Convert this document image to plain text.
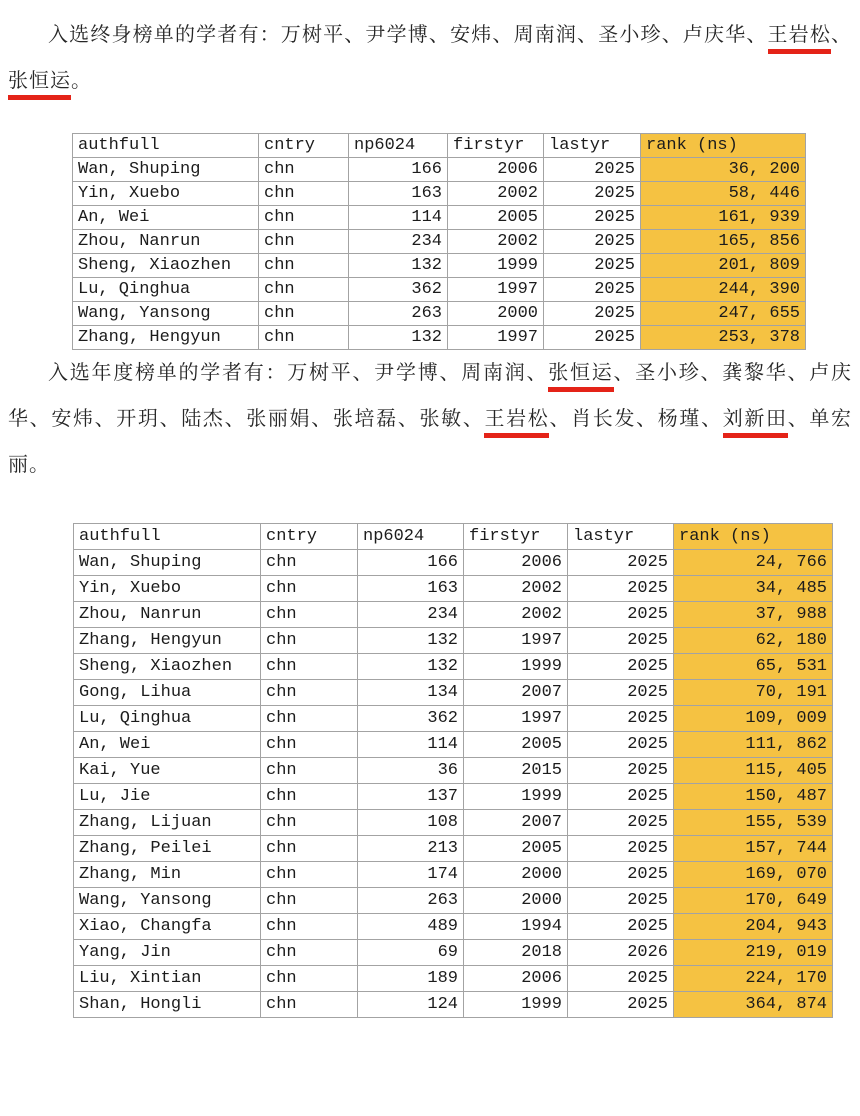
入选终身榜单的学者有：万树平、尹学博、安炜、周南润、圣小珍、卢庆华、王岩松、张恒运。

authfull	cntry	np6024	firstyr	lastyr	rank (ns)
Wan, Shuping	chn	166	2006	2025	36, 200
Yin, Xuebo	chn	163	2002	2025	58, 446
An, Wei	chn	114	2005	2025	161, 939
Zhou, Nanrun	chn	234	2002	2025	165, 856
Sheng, Xiaozhen	chn	132	1999	2025	201, 809
Lu, Qinghua	chn	362	1997	2025	244, 390
Wang, Yansong	chn	263	2000	2025	247, 655
Zhang, Hengyun	chn	132	1997	2025	253, 378

入选年度榜单的学者有：万树平、尹学博、周南润、张恒运、圣小珍、龚黎华、卢庆华、安炜、开玥、陆杰、张丽娟、张培磊、张敏、王岩松、肖长发、杨瑾、刘新田、单宏丽。

authfull	cntry	np6024	firstyr	lastyr	rank (ns)
Wan, Shuping	chn	166	2006	2025	24, 766
Yin, Xuebo	chn	163	2002	2025	34, 485
Zhou, Nanrun	chn	234	2002	2025	37, 988
Zhang, Hengyun	chn	132	1997	2025	62, 180
Sheng, Xiaozhen	chn	132	1999	2025	65, 531
Gong, Lihua	chn	134	2007	2025	70, 191
Lu, Qinghua	chn	362	1997	2025	109, 009
An, Wei	chn	114	2005	2025	111, 862
Kai, Yue	chn	36	2015	2025	115, 405
Lu, Jie	chn	137	1999	2025	150, 487
Zhang, Lijuan	chn	108	2007	2025	155, 539
Zhang, Peilei	chn	213	2005	2025	157, 744
Zhang, Min	chn	174	2000	2025	169, 070
Wang, Yansong	chn	263	2000	2025	170, 649
Xiao, Changfa	chn	489	1994	2025	204, 943
Yang, Jin	chn	69	2018	2026	219, 019
Liu, Xintian	chn	189	2006	2025	224, 170
Shan, Hongli	chn	124	1999	2025	364, 874
